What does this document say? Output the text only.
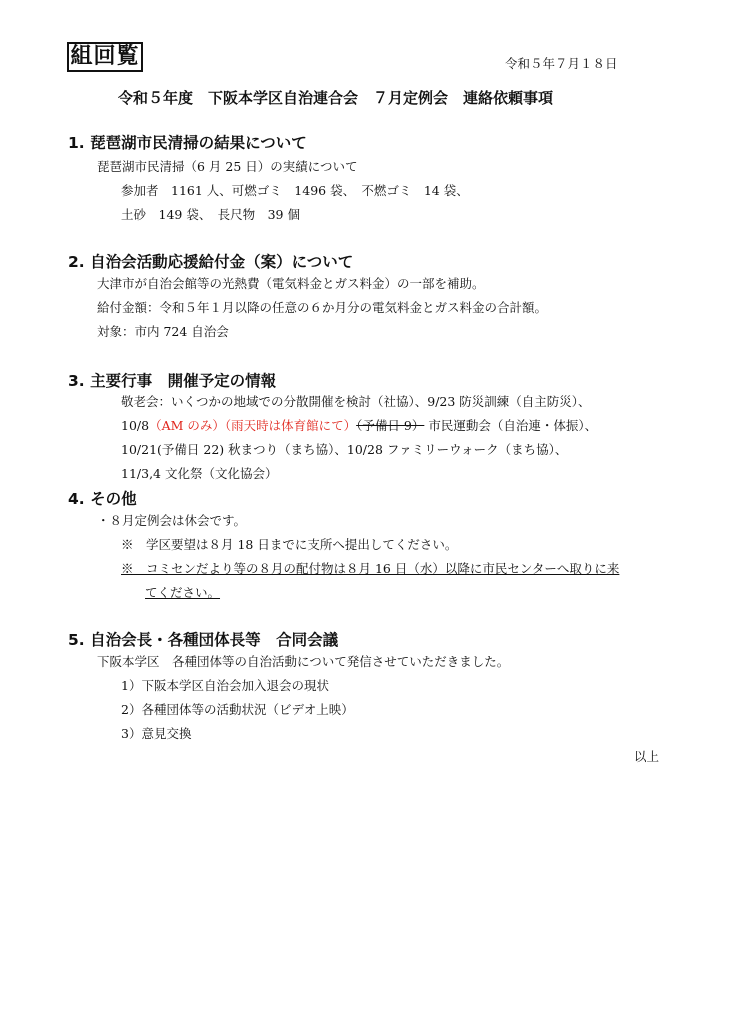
組回覧	令和５年７月１８日
令和５年度　下阪本学区自治連合会　７月定例会　連絡依頼事項
1. 琵琶湖市民清掃の結果について
琵琶湖市民清掃（6 月 25 日）の実績について
参加者　1161 人、可燃ゴミ　1496 袋、　不燃ゴミ　14 袋、
土砂　149 袋、　長尺物　39 個
2. 自治会活動応援給付金（案）について
大津市が自治会館等の光熱費（電気料金とガス料金）の一部を補助。
給付金額：令和５年１月以降の任意の６か月分の電気料金とガス料金の合計額。
対象：市内 724 自治会
3. 主要行事　開催予定の情報
敬老会：いくつかの地域での分散開催を検討（社協）、9/23 防災訓練（自主防災）、
10/8（AM のみ）（雨天時は体育館にて）（予備日 9） 市民運動会（自治連・体振）、
10/21(予備日 22) 秋まつり（まち協）、10/28 ファミリーウォーク（まち協）、
11/3,4 文化祭（文化協会）
4. その他
・８月定例会は休会です。
※　学区要望は８月 18 日までに支所へ提出してください。
※　コミセンだより等の８月の配付物は８月 16 日（水）以降に市民センターへ取りに来
てください。
5. 自治会長・各種団体長等　合同会議
下阪本学区　各種団体等の自治活動について発信させていただきました。
1）下阪本学区自治会加入退会の現状
2）各種団体等の活動状況（ビデオ上映）
3）意見交換
以上
